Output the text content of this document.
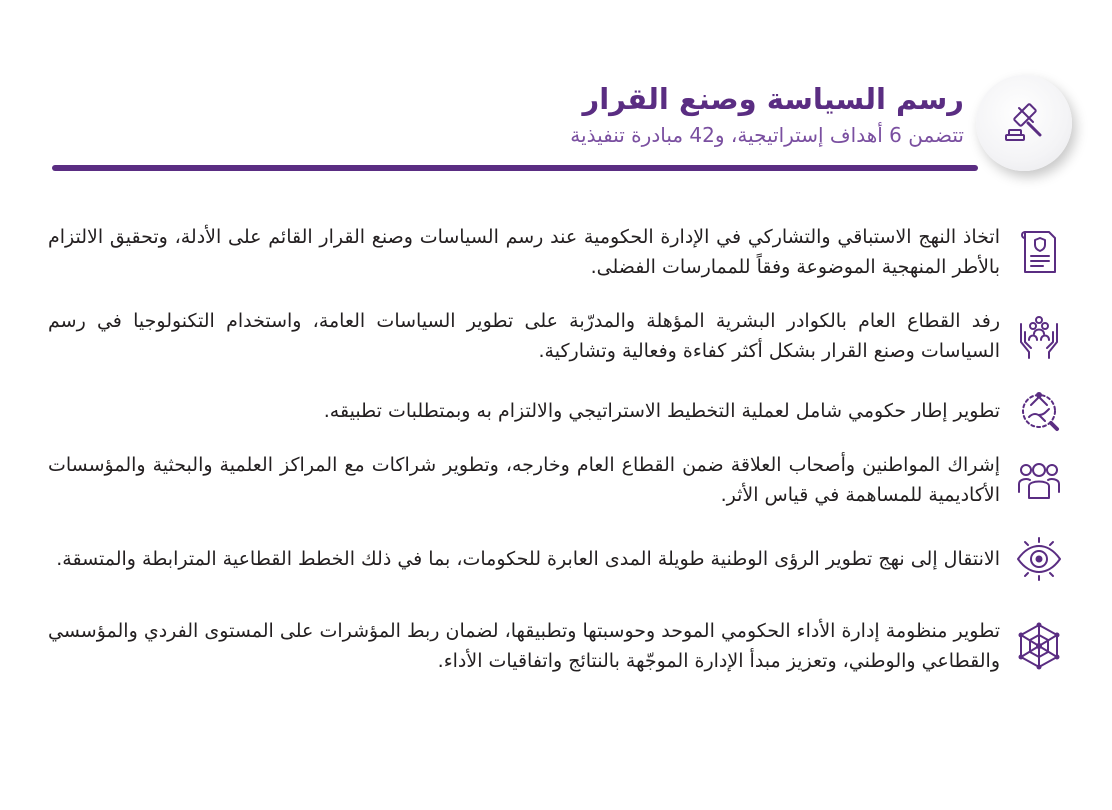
رسم السياسة وصنع القرار
تتضمن 6 أهداف إستراتيجية، و42 مبادرة تنفيذية
اتخاذ النهج الاستباقي والتشاركي في الإدارة الحكومية عند رسم السياسات وصنع القرار القائم على الأدلة، وتحقيق الالتزام بالأطر المنهجية الموضوعة وفقاً للممارسات الفضلى.
رفد القطاع العام بالكوادر البشرية المؤهلة والمدرّبة على تطوير السياسات العامة، واستخدام التكنولوجيا في رسم السياسات وصنع القرار بشكل أكثر كفاءة وفعالية وتشاركية.
تطوير إطار حكومي شامل لعملية التخطيط الاستراتيجي والالتزام به وبمتطلبات تطبيقه.
إشراك المواطنين وأصحاب العلاقة ضمن القطاع العام وخارجه، وتطوير شراكات مع المراكز العلمية والبحثية والمؤسسات الأكاديمية للمساهمة في قياس الأثر.
الانتقال إلى نهج تطوير الرؤى الوطنية طويلة المدى العابرة للحكومات، بما في ذلك الخطط القطاعية المترابطة والمتسقة.
تطوير منظومة إدارة الأداء الحكومي الموحد وحوسبتها وتطبيقها، لضمان ربط المؤشرات على المستوى الفردي والمؤسسي والقطاعي والوطني، وتعزيز مبدأ الإدارة الموجّهة بالنتائج واتفاقيات الأداء.
